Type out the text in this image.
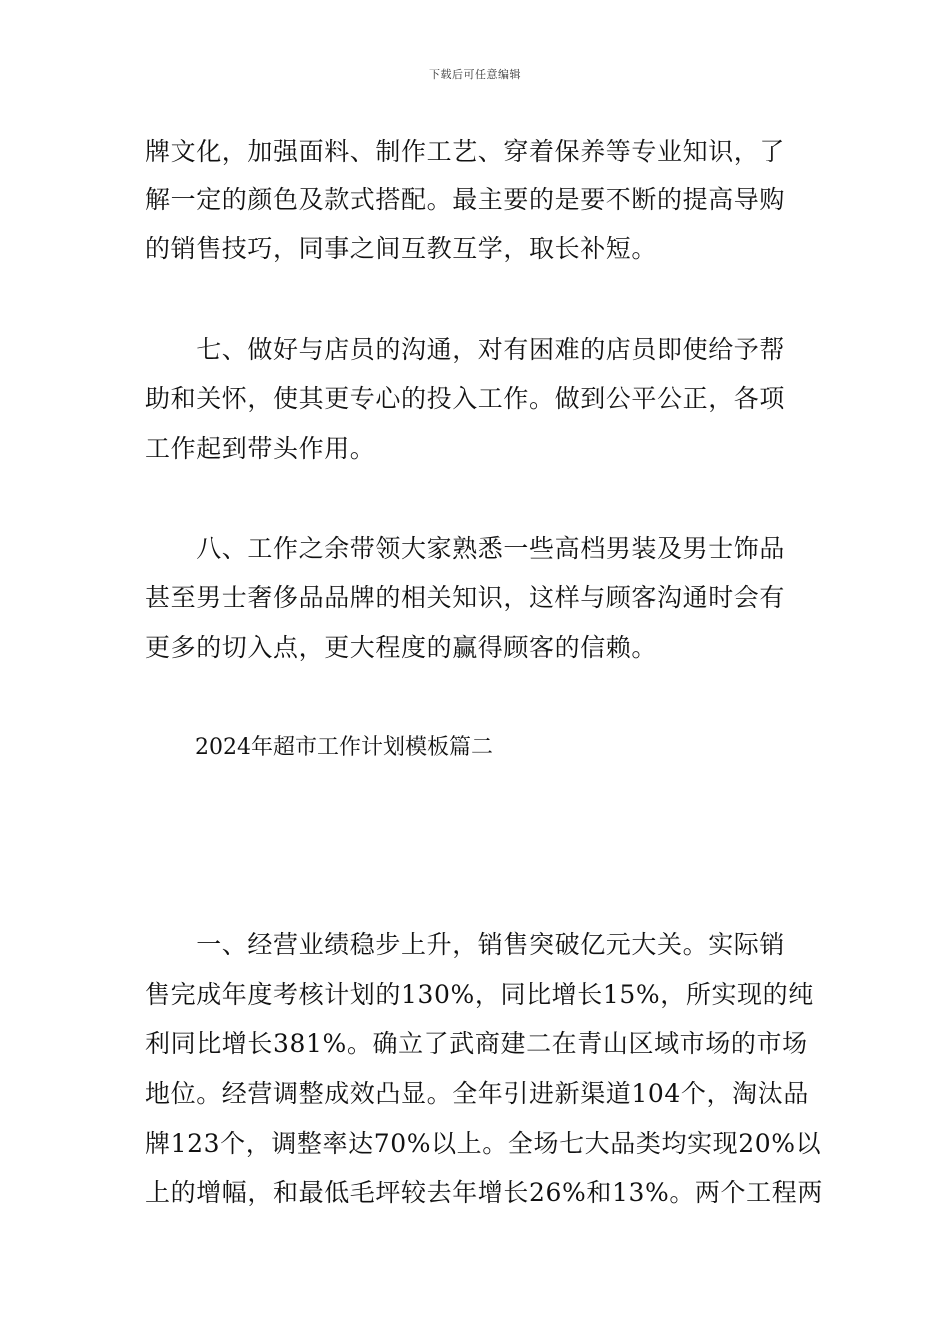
下载后可任意编辑
牌文化，加强面料、制作工艺、穿着保养等专业知识，了
解一定的颜色及款式搭配。最主要的是要不断的提高导购
的销售技巧，同事之间互教互学，取长补短。
　　七、做好与店员的沟通，对有困难的店员即使给予帮
助和关怀，使其更专心的投入工作。做到公平公正，各项
工作起到带头作用。
　　八、工作之余带领大家熟悉一些高档男装及男士饰品
甚至男士奢侈品品牌的相关知识，这样与顾客沟通时会有
更多的切入点，更大程度的赢得顾客的信赖。
2024年超市工作计划模板篇二
　　一、经营业绩稳步上升，销售突破亿元大关。实际销
售完成年度考核计划的130%，同比增长15%，所实现的纯
利同比增长381%。确立了武商建二在青山区域市场的市场
地位。经营调整成效凸显。全年引进新渠道104个，淘汰品
牌123个，调整率达70%以上。全场七大品类均实现20%以
上的增幅，和最低毛坪较去年增长26%和13%。两个工程两
